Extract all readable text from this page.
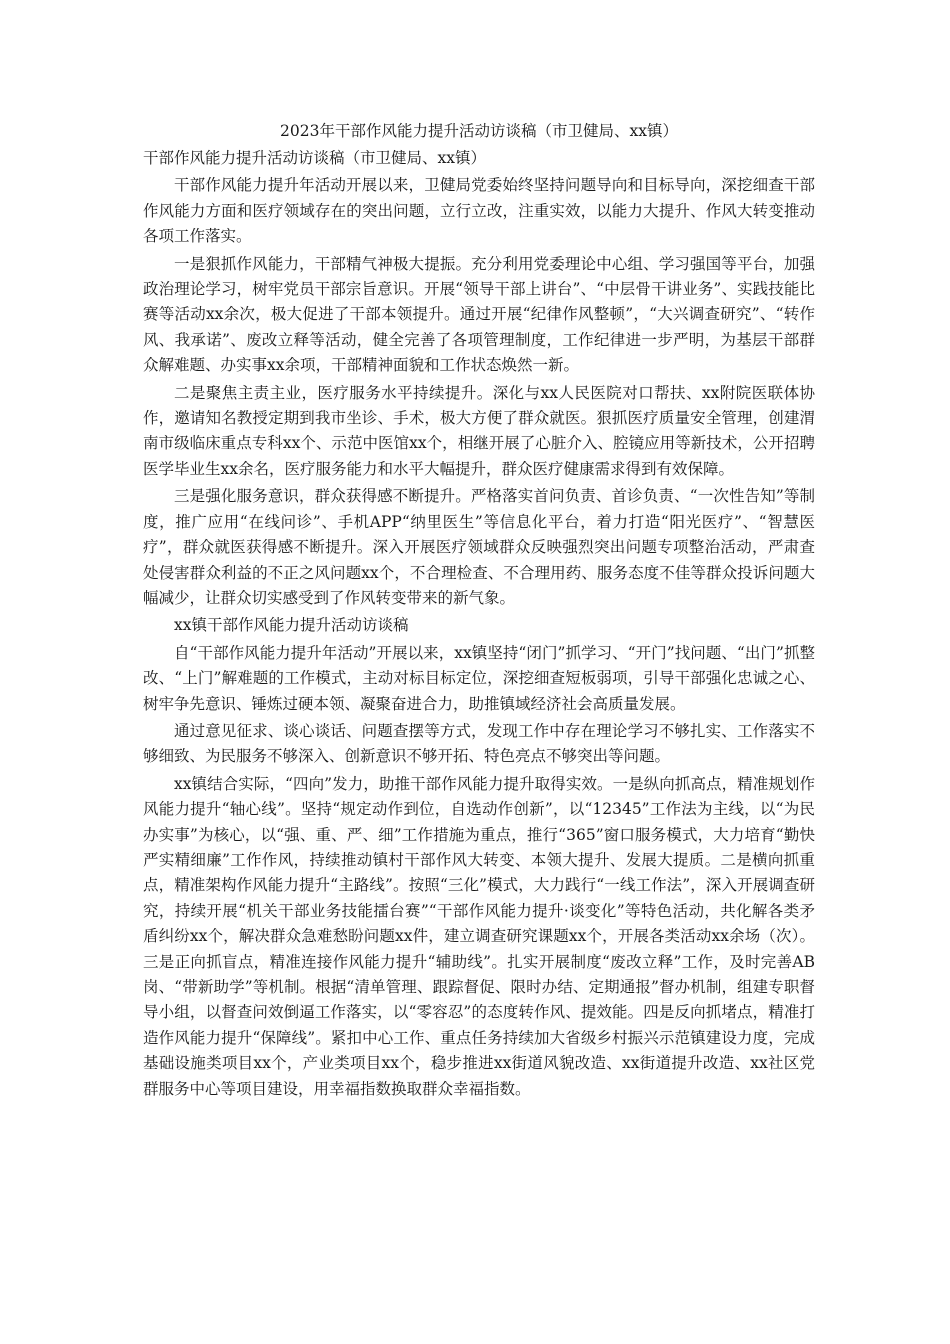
2023年干部作风能力提升活动访谈稿（市卫健局、xx镇）

干部作风能力提升活动访谈稿（市卫健局、xx镇）

干部作风能力提升年活动开展以来，卫健局党委始终坚持问题导向和目标导向，深挖细查干部作风能力方面和医疗领域存在的突出问题，立行立改，注重实效，以能力大提升、作风大转变推动各项工作落实。

一是狠抓作风能力，干部精气神极大提振。充分利用党委理论中心组、学习强国等平台，加强政治理论学习，树牢党员干部宗旨意识。开展“领导干部上讲台”、“中层骨干讲业务”、实践技能比赛等活动xx余次，极大促进了干部本领提升。通过开展“纪律作风整顿”，“大兴调查研究”、“转作风、我承诺”、废改立释等活动，健全完善了各项管理制度，工作纪律进一步严明，为基层干部群众解难题、办实事xx余项，干部精神面貌和工作状态焕然一新。

二是聚焦主责主业，医疗服务水平持续提升。深化与xx人民医院对口帮扶、xx附院医联体协作，邀请知名教授定期到我市坐诊、手术，极大方便了群众就医。狠抓医疗质量安全管理，创建渭南市级临床重点专科xx个、示范中医馆xx个，相继开展了心脏介入、腔镜应用等新技术，公开招聘医学毕业生xx余名，医疗服务能力和水平大幅提升，群众医疗健康需求得到有效保障。

三是强化服务意识，群众获得感不断提升。严格落实首问负责、首诊负责、“一次性告知”等制度，推广应用“在线问诊”、手机APP“纳里医生”等信息化平台，着力打造“阳光医疗”、“智慧医疗”，群众就医获得感不断提升。深入开展医疗领域群众反映强烈突出问题专项整治活动，严肃查处侵害群众利益的不正之风问题xx个，不合理检查、不合理用药、服务态度不佳等群众投诉问题大幅减少，让群众切实感受到了作风转变带来的新气象。

xx镇干部作风能力提升活动访谈稿

自“干部作风能力提升年活动”开展以来，xx镇坚持“闭门”抓学习、“开门”找问题、“出门”抓整改、“上门”解难题的工作模式，主动对标目标定位，深挖细查短板弱项，引导干部强化忠诚之心、树牢争先意识、锤炼过硬本领、凝聚奋进合力，助推镇域经济社会高质量发展。

通过意见征求、谈心谈话、问题查摆等方式，发现工作中存在理论学习不够扎实、工作落实不够细致、为民服务不够深入、创新意识不够开拓、特色亮点不够突出等问题。

xx镇结合实际，“四向”发力，助推干部作风能力提升取得实效。一是纵向抓高点，精准规划作风能力提升“轴心线”。坚持“规定动作到位，自选动作创新”，以“12345”工作法为主线，以“为民办实事”为核心，以“强、重、严、细”工作措施为重点，推行“365”窗口服务模式，大力培育“勤快严实精细廉”工作作风，持续推动镇村干部作风大转变、本领大提升、发展大提质。二是横向抓重点，精准架构作风能力提升“主路线”。按照“三化”模式，大力践行“一线工作法”，深入开展调查研究，持续开展“机关干部业务技能擂台赛”“干部作风能力提升·谈变化”等特色活动，共化解各类矛盾纠纷xx个，解决群众急难愁盼问题xx件，建立调查研究课题xx个，开展各类活动xx余场（次）。三是正向抓盲点，精准连接作风能力提升“辅助线”。扎实开展制度“废改立释”工作，及时完善AB岗、“带新助学”等机制。根据“清单管理、跟踪督促、限时办结、定期通报”督办机制，组建专职督导小组，以督查问效倒逼工作落实，以“零容忍”的态度转作风、提效能。四是反向抓堵点，精准打造作风能力提升“保障线”。紧扣中心工作、重点任务持续加大省级乡村振兴示范镇建设力度，完成基础设施类项目xx个，产业类项目xx个，稳步推进xx街道风貌改造、xx街道提升改造、xx社区党群服务中心等项目建设，用幸福指数换取群众幸福指数。
